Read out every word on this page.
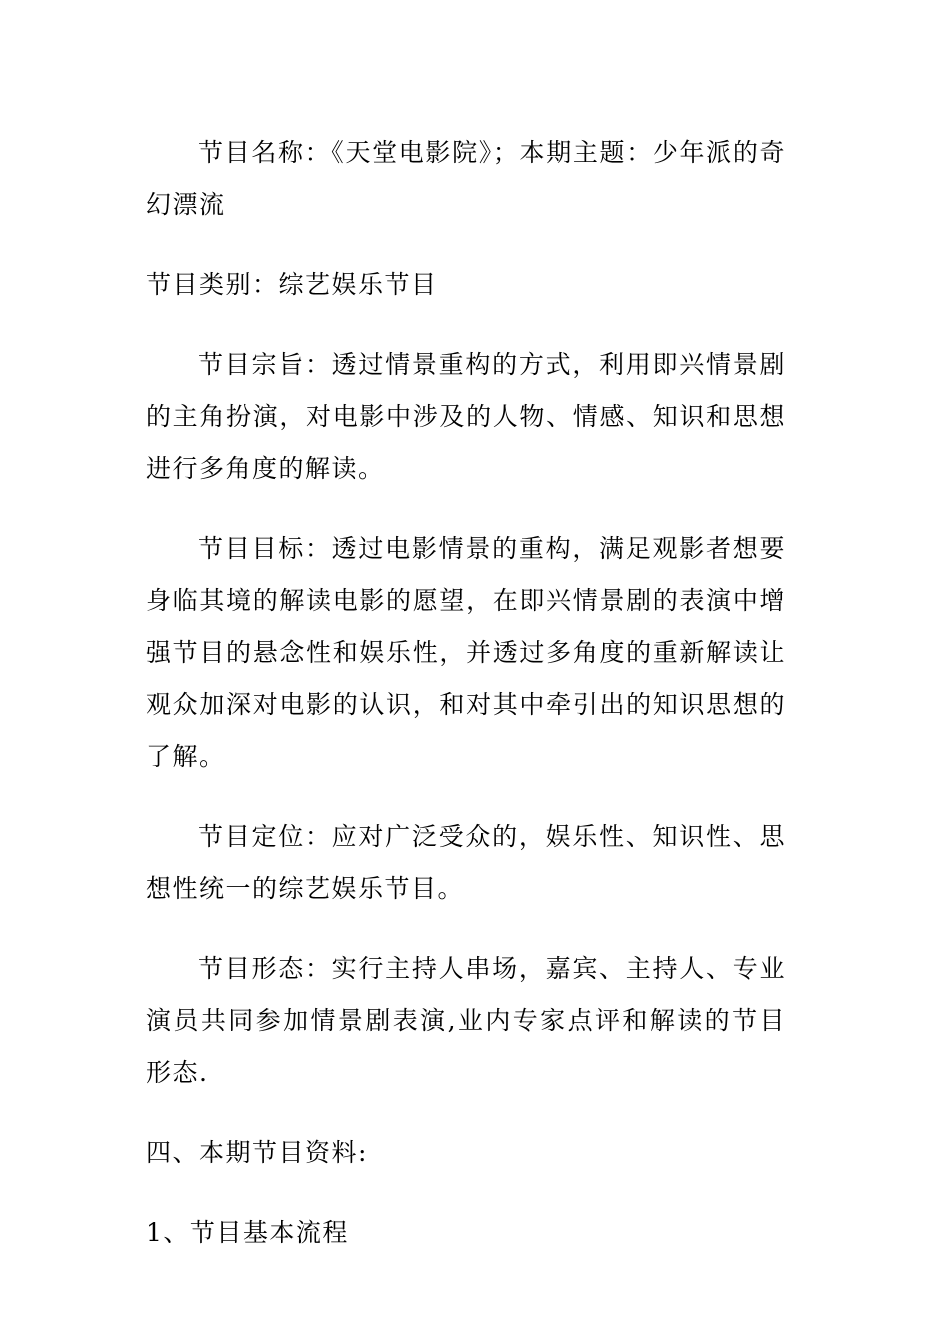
节目名称：《天堂电影院》；本期主题：少年派的奇幻漂流

节目类别：综艺娱乐节目

节目宗旨：透过情景重构的方式，利用即兴情景剧的主角扮演，对电影中涉及的人物、情感、知识和思想进行多角度的解读。

节目目标：透过电影情景的重构，满足观影者想要身临其境的解读电影的愿望，在即兴情景剧的表演中增强节目的悬念性和娱乐性，并透过多角度的重新解读让观众加深对电影的认识，和对其中牵引出的知识思想的了解。

节目定位：应对广泛受众的，娱乐性、知识性、思想性统一的综艺娱乐节目。

节目形态：实行主持人串场，嘉宾、主持人、专业演员共同参加情景剧表演,业内专家点评和解读的节目形态.

四、本期节目资料:

1、节目基本流程
